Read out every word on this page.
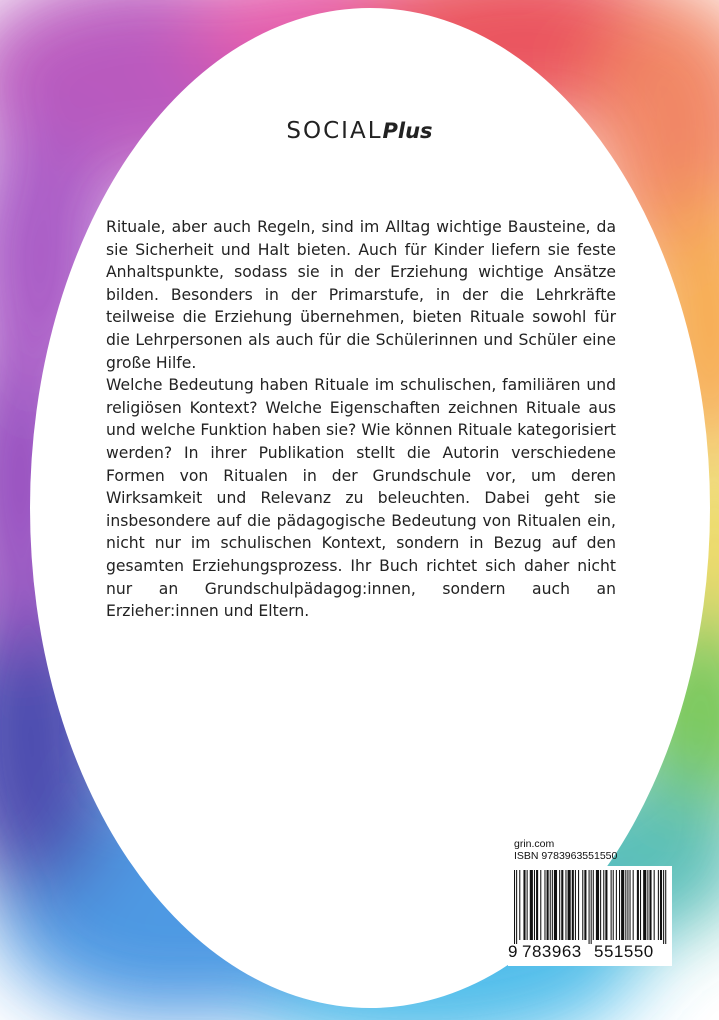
SOCIALPlus

Rituale, aber auch Regeln, sind im Alltag wichtige Bausteine, da sie Sicherheit und Halt bieten. Auch für Kinder liefern sie feste Anhaltspunkte, sodass sie in der Erziehung wichtige Ansätze bilden. Besonders in der Primarstufe, in der die Lehrkräfte teilweise die Erziehung übernehmen, bieten Rituale sowohl für die Lehrpersonen als auch für die Schülerinnen und Schüler eine große Hilfe.

Welche Bedeutung haben Rituale im schulischen, familiären und religiösen Kontext? Welche Eigenschaften zeichnen Rituale aus und welche Funktion haben sie? Wie können Rituale kategorisiert werden? In ihrer Publikation stellt die Autorin verschiedene Formen von Ritualen in der Grundschule vor, um deren Wirksamkeit und Relevanz zu beleuchten. Dabei geht sie insbesondere auf die pädagogische Bedeutung von Ritualen ein, nicht nur im schulischen Kontext, sondern in Bezug auf den gesamten Erziehungsprozess. Ihr Buch richtet sich daher nicht nur an Grundschulpädagog:innen, sondern auch an Erzieher:innen und Eltern.

grin.com
ISBN 9783963551550
9 783963 551550
